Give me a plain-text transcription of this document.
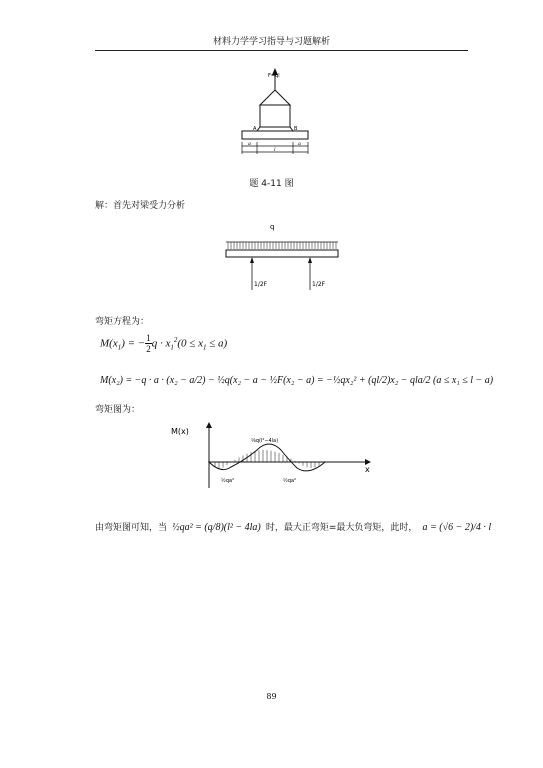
材料力学学习指导与习题解析
F=ql
A	B
a	a
l
题 4-11 图
解：首先对梁受力分析
q
1/2F	1/2F
弯矩方程为：
$M(x_1)$ = − $\frac{1}{2}$ $q \cdot x_1^2(0 \le x_1 \le a)$
M(x₂) = −q · a · (x₂ − a/2) − ½q(x₂ − a − ½F(x₂ − a) = −½qx₂² + (ql/2)x₂ − qla/2 (a ≤ x₁ ≤ l − a)
弯矩图为：
M(x)
x
⅛q(l²−4la)
½qa²	½qa²
由弯矩图可知，当 ½qa² = (q/8)(l² − 4la) 时，最大正弯矩=最大负弯矩，此时， a = (√6 − 2)/4 · l
89
